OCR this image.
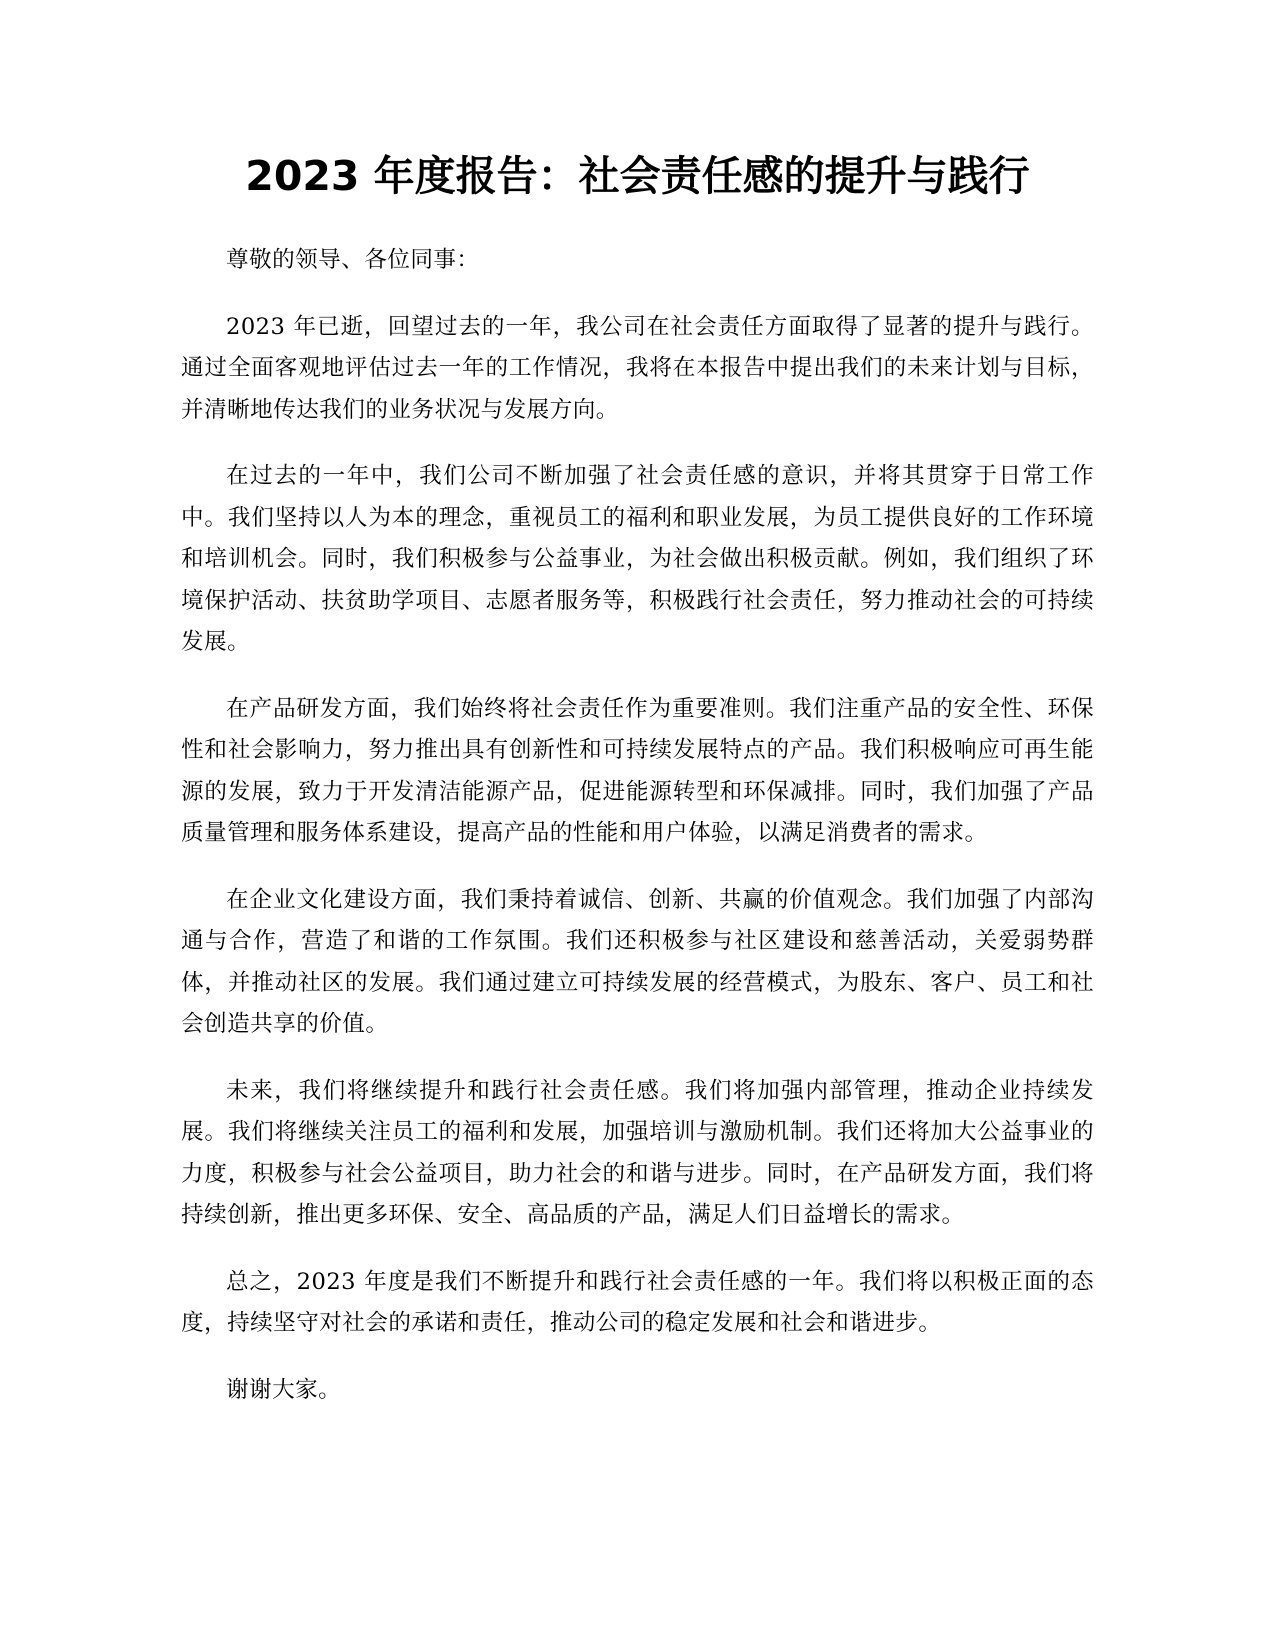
2023 年度报告：社会责任感的提升与践行

尊敬的领导、各位同事：

2023 年已逝，回望过去的一年，我公司在社会责任方面取得了显著的提升与践行。通过全面客观地评估过去一年的工作情况，我将在本报告中提出我们的未来计划与目标，并清晰地传达我们的业务状况与发展方向。

在过去的一年中，我们公司不断加强了社会责任感的意识，并将其贯穿于日常工作中。我们坚持以人为本的理念，重视员工的福利和职业发展，为员工提供良好的工作环境和培训机会。同时，我们积极参与公益事业，为社会做出积极贡献。例如，我们组织了环境保护活动、扶贫助学项目、志愿者服务等，积极践行社会责任，努力推动社会的可持续发展。

在产品研发方面，我们始终将社会责任作为重要准则。我们注重产品的安全性、环保性和社会影响力，努力推出具有创新性和可持续发展特点的产品。我们积极响应可再生能源的发展，致力于开发清洁能源产品，促进能源转型和环保减排。同时，我们加强了产品质量管理和服务体系建设，提高产品的性能和用户体验，以满足消费者的需求。

在企业文化建设方面，我们秉持着诚信、创新、共赢的价值观念。我们加强了内部沟通与合作，营造了和谐的工作氛围。我们还积极参与社区建设和慈善活动，关爱弱势群体，并推动社区的发展。我们通过建立可持续发展的经营模式，为股东、客户、员工和社会创造共享的价值。

未来，我们将继续提升和践行社会责任感。我们将加强内部管理，推动企业持续发展。我们将继续关注员工的福利和发展，加强培训与激励机制。我们还将加大公益事业的力度，积极参与社会公益项目，助力社会的和谐与进步。同时，在产品研发方面，我们将持续创新，推出更多环保、安全、高品质的产品，满足人们日益增长的需求。

总之，2023 年度是我们不断提升和践行社会责任感的一年。我们将以积极正面的态度，持续坚守对社会的承诺和责任，推动公司的稳定发展和社会和谐进步。

谢谢大家。
